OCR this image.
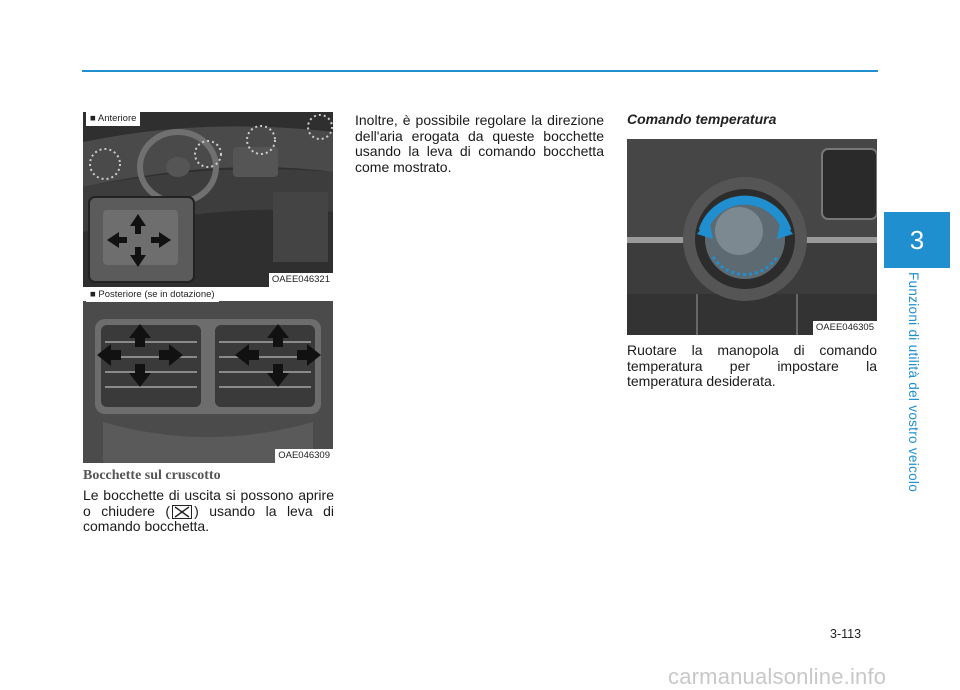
3
Funzioni di utilità del vostro veicolo
■ Anteriore
OAEE046321
■ Posteriore (se in dotazione)
OAE046309
Bocchette sul cruscotto
Le bocchette di uscita si possono aprire o chiudere ( ) usando la leva di comando bocchetta.
Inoltre, è possibile regolare la direzione dell'aria erogata da queste bocchette usando la leva di comando bocchetta come mostrato.
Comando temperatura
OAEE046305
Ruotare la manopola di comando temperatura per impostare la temperatura desiderata.
3-113
carmanualsonline.info
